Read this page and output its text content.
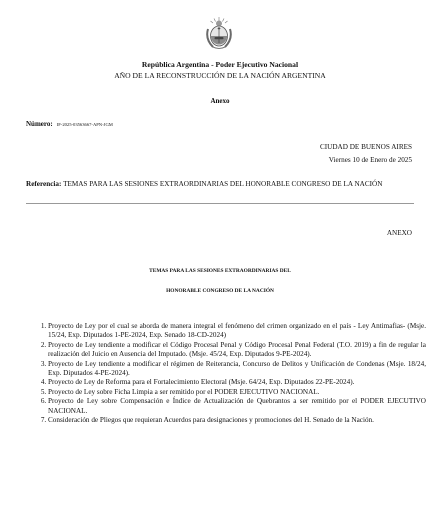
República Argentina - Poder Ejecutivo Nacional
AÑO DE LA RECONSTRUCCIÓN DE LA NACIÓN ARGENTINA
Anexo
Número: IF-2025-03563667-APN-JGM
CIUDAD DE BUENOS AIRES
Viernes 10 de Enero de 2025
Referencia: TEMAS PARA LAS SESIONES EXTRAORDINARIAS DEL HONORABLE CONGRESO DE LA NACIÓN
ANEXO
TEMAS PARA LAS SESIONES EXTRAORDINARIAS DEL
HONORABLE CONGRESO DE LA NACIÓN
1. Proyecto de Ley por el cual se aborda de manera integral el fenómeno del crimen organizado en el país - Ley Antimafias- (Msje. 15/24, Exp. Diputados 1-PE-2024, Exp. Senado 18-CD-2024)
2. Proyecto de Ley tendiente a modificar el Código Procesal Penal y Código Procesal Penal Federal (T.O. 2019) a fin de regular la realización del Juicio en Ausencia del Imputado. (Msje. 45/24, Exp. Diputados 9-PE-2024).
3. Proyecto de Ley tendiente a modificar el régimen de Reiterancia, Concurso de Delitos y Unificación de Condenas (Msje. 18/24, Exp. Diputados 4-PE-2024).
4. Proyecto de Ley de Reforma para el Fortalecimiento Electoral (Msje. 64/24, Exp. Diputados 22-PE-2024).
5. Proyecto de Ley sobre Ficha Limpia a ser remitido por el PODER EJECUTIVO NACIONAL.
6. Proyecto de Ley sobre Compensación e Índice de Actualización de Quebrantos a ser remitido por el PODER EJECUTIVO NACIONAL.
7. Consideración de Pliegos que requieran Acuerdos para designaciones y promociones del H. Senado de la Nación.
